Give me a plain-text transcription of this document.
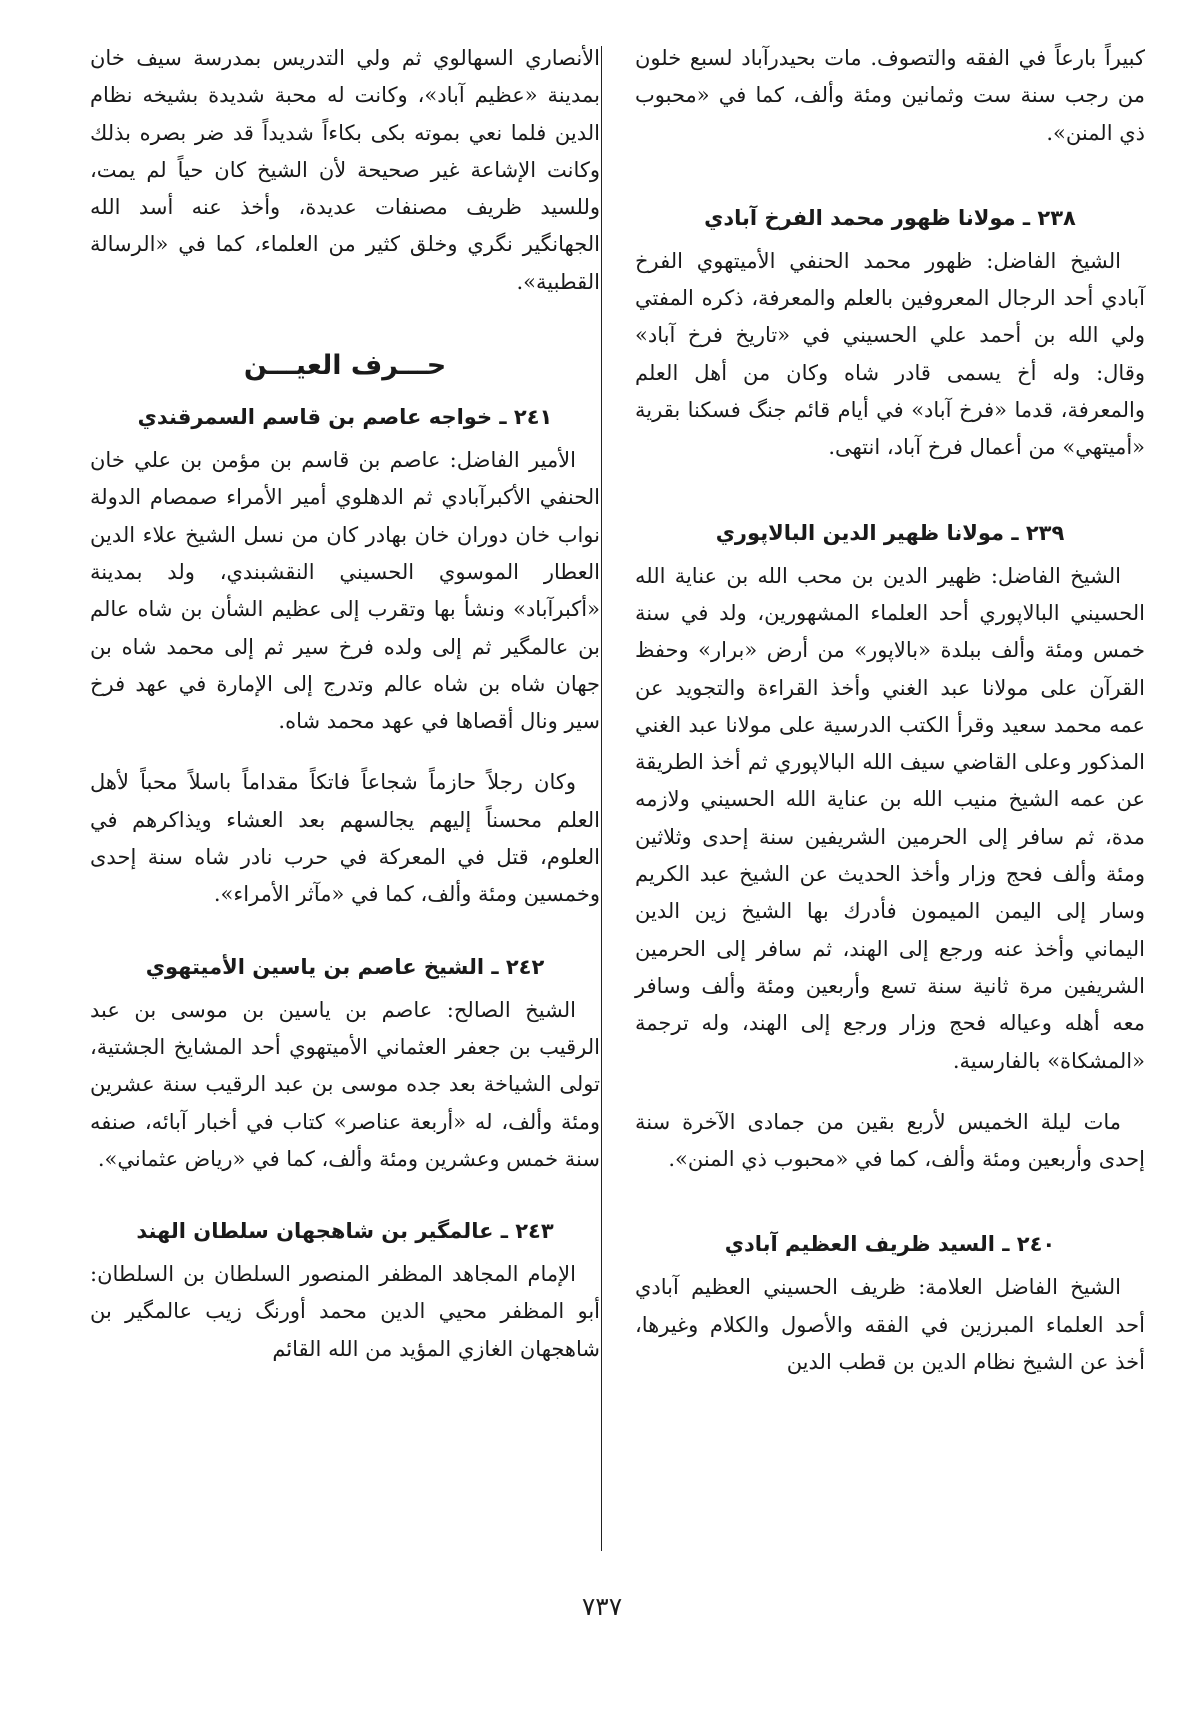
كبيراً بارعاً في الفقه والتصوف. مات بحيدرآباد لسبع خلون من رجب سنة ست وثمانين ومئة وألف، كما في «محبوب ذي المنن».

٢٣٨ ـ مولانا ظهور محمد الفرخ آبادي

الشيخ الفاضل: ظهور محمد الحنفي الأميتهوي الفرخ آبادي أحد الرجال المعروفين بالعلم والمعرفة، ذكره المفتي ولي الله بن أحمد علي الحسيني في «تاريخ فرخ آباد» وقال: وله أخ يسمى قادر شاه وكان من أهل العلم والمعرفة، قدما «فرخ آباد» في أيام قائم جنگ فسكنا بقرية «أميتهي» من أعمال فرخ آباد، انتهى.

٢٣٩ ـ مولانا ظهير الدين البالاپوري

الشيخ الفاضل: ظهير الدين بن محب الله بن عناية الله الحسيني البالاپوري أحد العلماء المشهورين، ولد في سنة خمس ومئة وألف ببلدة «بالاپور» من أرض «برار» وحفظ القرآن على مولانا عبد الغني وأخذ القراءة والتجويد عن عمه محمد سعيد وقرأ الكتب الدرسية على مولانا عبد الغني المذكور وعلى القاضي سيف الله البالاپوري ثم أخذ الطريقة عن عمه الشيخ منيب الله بن عناية الله الحسيني ولازمه مدة، ثم سافر إلى الحرمين الشريفين سنة إحدى وثلاثين ومئة وألف فحج وزار وأخذ الحديث عن الشيخ عبد الكريم وسار إلى اليمن الميمون فأدرك بها الشيخ زين الدين اليماني وأخذ عنه ورجع إلى الهند، ثم سافر إلى الحرمين الشريفين مرة ثانية سنة تسع وأربعين ومئة وألف وسافر معه أهله وعياله فحج وزار ورجع إلى الهند، وله ترجمة «المشكاة» بالفارسية.

مات ليلة الخميس لأربع بقين من جمادى الآخرة سنة إحدى وأربعين ومئة وألف، كما في «محبوب ذي المنن».

٢٤٠ ـ السيد ظريف العظيم آبادي

الشيخ الفاضل العلامة: ظريف الحسيني العظيم آبادي أحد العلماء المبرزين في الفقه والأصول والكلام وغيرها، أخذ عن الشيخ نظام الدين بن قطب الدين

الأنصاري السهالوي ثم ولي التدريس بمدرسة سيف خان بمدينة «عظيم آباد»، وكانت له محبة شديدة بشيخه نظام الدين فلما نعي بموته بكى بكاءاً شديداً قد ضر بصره بذلك وكانت الإشاعة غير صحيحة لأن الشيخ كان حياً لم يمت، وللسيد ظريف مصنفات عديدة، وأخذ عنه أسد الله الجهانگير نگري وخلق كثير من العلماء، كما في «الرسالة القطبية».

حـــرف العيـــن
٢٤١ ـ خواجه عاصم بن قاسم السمرقندي

الأمير الفاضل: عاصم بن قاسم بن مؤمن بن علي خان الحنفي الأكبرآبادي ثم الدهلوي أمير الأمراء صمصام الدولة نواب خان دوران خان بهادر كان من نسل الشيخ علاء الدين العطار الموسوي الحسيني النقشبندي، ولد بمدينة «أكبرآباد» ونشأ بها وتقرب إلى عظيم الشأن بن شاه عالم بن عالمگير ثم إلى ولده فرخ سير ثم إلى محمد شاه بن جهان شاه بن شاه عالم وتدرج إلى الإمارة في عهد فرخ سير ونال أقصاها في عهد محمد شاه.

وكان رجلاً حازماً شجاعاً فاتكاً مقداماً باسلاً محباً لأهل العلم محسناً إليهم يجالسهم بعد العشاء ويذاكرهم في العلوم، قتل في المعركة في حرب نادر شاه سنة إحدى وخمسين ومئة وألف، كما في «مآثر الأمراء».

٢٤٢ ـ الشيخ عاصم بن ياسين الأميتهوي

الشيخ الصالح: عاصم بن ياسين بن موسى بن عبد الرقيب بن جعفر العثماني الأميتهوي أحد المشايخ الجشتية، تولى الشياخة بعد جده موسى بن عبد الرقيب سنة عشرين ومئة وألف، له «أربعة عناصر» كتاب في أخبار آبائه، صنفه سنة خمس وعشرين ومئة وألف، كما في «رياض عثماني».

٢٤٣ ـ عالمگير بن شاهجهان سلطان الهند

الإمام المجاهد المظفر المنصور السلطان بن السلطان: أبو المظفر محيي الدين محمد أورنگ زيب عالمگير بن شاهجهان الغازي المؤيد من الله القائم

٧٣٧
